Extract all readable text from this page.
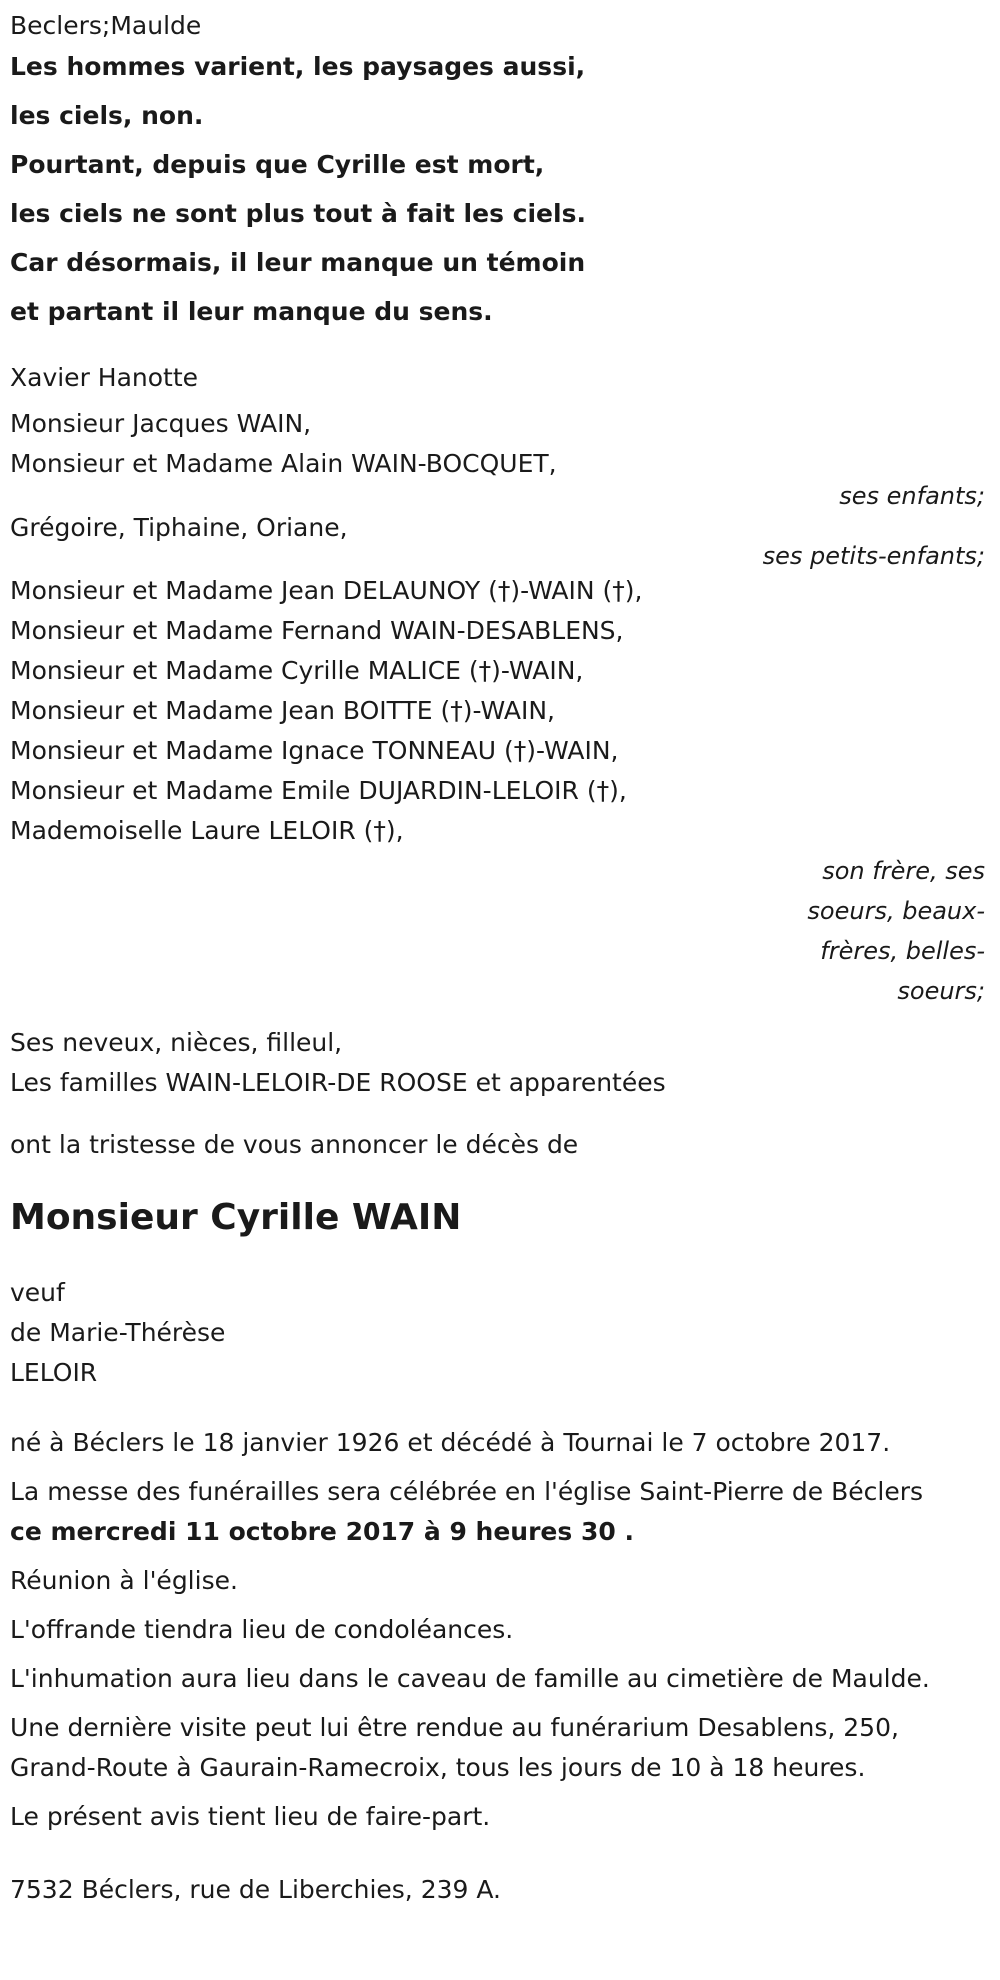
Beclers;Maulde

Les hommes varient, les paysages aussi,
les ciels, non.
Pourtant, depuis que Cyrille est mort,
les ciels ne sont plus tout à fait les ciels.
Car désormais, il leur manque un témoin
et partant il leur manque du sens.

Xavier Hanotte

Monsieur Jacques WAIN,
Monsieur et Madame Alain WAIN-BOCQUET,
ses enfants;
Grégoire, Tiphaine, Oriane,
ses petits-enfants;
Monsieur et Madame Jean DELAUNOY (†)-WAIN (†),
Monsieur et Madame Fernand WAIN-DESABLENS,
Monsieur et Madame Cyrille MALICE (†)-WAIN,
Monsieur et Madame Jean BOITTE (†)-WAIN,
Monsieur et Madame Ignace TONNEAU (†)-WAIN,
Monsieur et Madame Emile DUJARDIN-LELOIR (†),
Mademoiselle Laure LELOIR (†),
son frère, ses soeurs, beaux-frères, belles-soeurs;
Ses neveux, nièces, filleul,
Les familles WAIN-LELOIR-DE ROOSE et apparentées

ont la tristesse de vous annoncer le décès de

Monsieur Cyrille WAIN
veuf
de Marie-Thérèse
LELOIR

né à Béclers le 18 janvier 1926 et décédé à Tournai le 7 octobre 2017.

La messe des funérailles sera célébrée en l'église Saint-Pierre de Béclers

ce mercredi 11 octobre 2017 à 9 heures 30 .

Réunion à l'église.

L'offrande tiendra lieu de condoléances.

L'inhumation aura lieu dans le caveau de famille au cimetière de Maulde.

Une dernière visite peut lui être rendue au funérarium Desablens, 250, Grand-Route à Gaurain-Ramecroix, tous les jours de 10 à 18 heures.

Le présent avis tient lieu de faire-part.

7532 Béclers, rue de Liberchies, 239 A.
